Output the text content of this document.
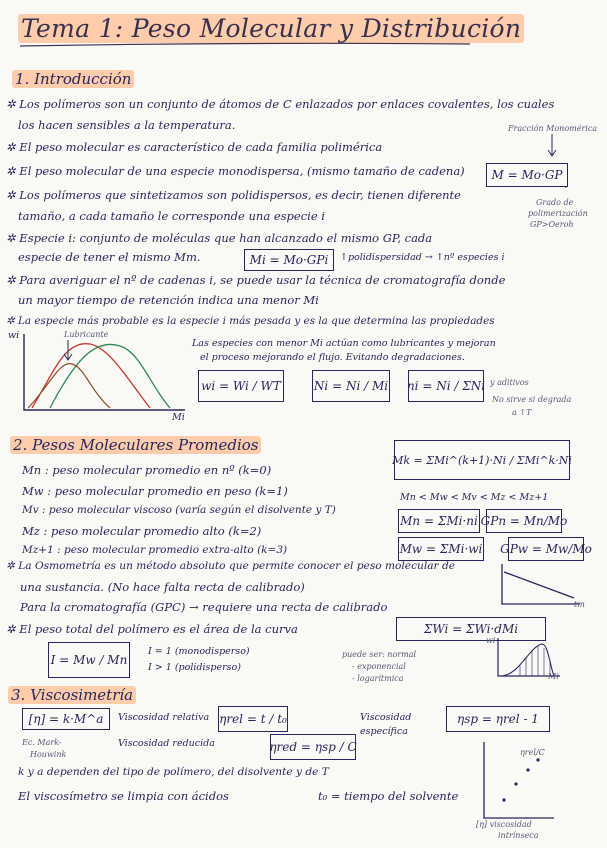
Tema 1: Peso Molecular y Distribución
1. Introducción
✲ Los polímeros son un conjunto de átomos de C enlazados por enlaces covalentes, los cuales
los hacen sensibles a la temperatura.
✲ El peso molecular es característico de cada familia polimérica
✲ El peso molecular de una especie monodispersa, (mismo tamaño de cadena)
✲ Los polímeros que sintetizamos son polidispersos, es decir, tienen diferente
tamaño, a cada tamaño le corresponde una especie i
✲ Especie i: conjunto de moléculas que han alcanzado el mismo GP, cada
especie de tener el mismo Mm.
✲ Para averiguar el nº de cadenas i, se puede usar la técnica de cromatografía donde
un mayor tiempo de retención indica una menor Mi
✲ La especie más probable es la especie i más pesada y es la que determina las propiedades
Fracción Monomérica
Grado de
polimerización
GP>Oeroh
M = Mo·GP
Mi = Mo·GPi	↑polidispersidad → ↑nº especies i
wi
Mi
Lubricante
Las especies con menor Mi actúan como lubricantes y mejoran
el proceso mejorando el flujo. Evitando degradaciones.
wi = Wi / WT	Ni = Ni / Mi ni = Ni / ΣNi y aditivos
No sirve si degrada
a ↑T
2. Pesos Moleculares Promedios
Mn : peso molecular promedio en nº (k=0)
Mw : peso molecular promedio en peso (k=1)
Mv : peso molecular viscoso (varía según el disolvente y T)
Mz : peso molecular promedio alto (k=2)
Mz+1 : peso molecular promedio extra-alto (k=3)
Mk = ΣMi^(k+1)·Ni / ΣMi^k·Ni
Mn < Mw < Mv < Mz < Mz+1
Mn = ΣMi·ni GPn = Mn/Mo
Mw = ΣMi·wi GPw = Mw/Mo
✲ La Osmometría es un método absoluto que permite conocer el peso molecular de
una sustancia. (No hace falta recta de calibrado)
Para la cromatografía (GPC) → requiere una recta de calibrado	tm
✲ El peso total del polímero es el área de la curva	ΣWi = ΣWi·dMi
I = Mw / Mn
I = 1 (monodisperso)
I > 1 (polidisperso)
puede ser: normal
- exponencial
- logarítmica
wi
Mi
3. Viscosimetría
[η] = k·M^a
Ec. Mark-
Houwink
Viscosidad relativa ηrel = t / t₀
Viscosidad reducida	ηred = ηsp / C
Viscosidad
específica
ηsp = ηrel - 1
k y a dependen del tipo de polímero, del disolvente y de T
El viscosímetro se limpia con ácidos	t₀ = tiempo del solvente
ηrel/C
[η] viscosidad
intrínseca
